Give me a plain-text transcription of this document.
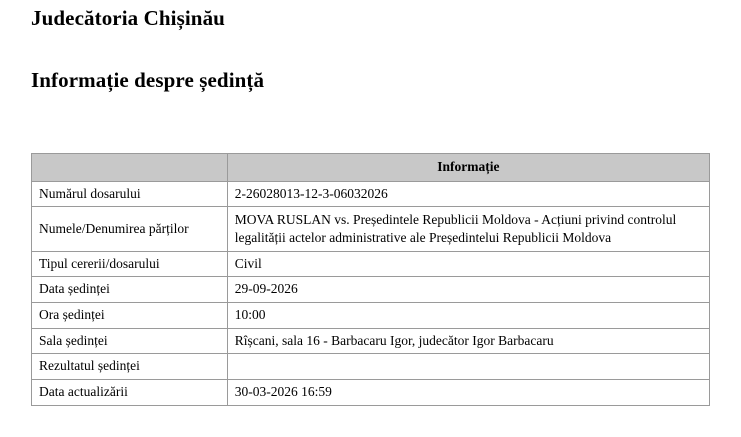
Judecătoria Chișinău
Informație despre ședință
	Informație
Numărul dosarului	2-26028013-12-3-06032026
Numele/Denumirea părților	MOVA RUSLAN vs. Președintele Republicii Moldova - Acțiuni privind controlul legalității actelor administrative ale Președintelui Republicii Moldova
Tipul cererii/dosarului	Civil
Data ședinței	29-09-2026
Ora ședinței	10:00
Sala ședinței	Rîșcani, sala 16 - Barbacaru Igor, judecător Igor Barbacaru
Rezultatul ședinței	
Data actualizării	30-03-2026 16:59
